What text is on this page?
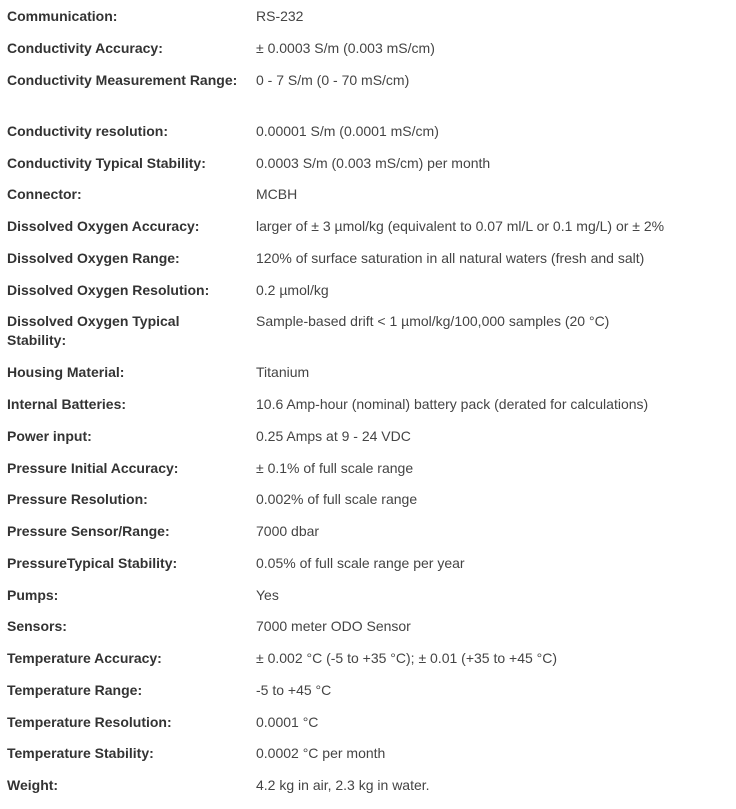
Communication:	RS-232
Conductivity Accuracy:	± 0.0003 S/m (0.003 mS/cm)
Conductivity Measurement Range:	0 - 7 S/m (0 - 70 mS/cm)
Conductivity resolution:	0.00001 S/m (0.0001 mS/cm)
Conductivity Typical Stability:	0.0003 S/m (0.003 mS/cm) per month
Connector:	MCBH
Dissolved Oxygen Accuracy:	larger of ± 3 µmol/kg (equivalent to 0.07 ml/L or 0.1 mg/L) or ± 2%
Dissolved Oxygen Range:	120% of surface saturation in all natural waters (fresh and salt)
Dissolved Oxygen Resolution:	0.2 µmol/kg
Dissolved Oxygen Typical Stability:
Sample-based drift < 1 µmol/kg/100,000 samples (20 °C)
Housing Material:	Titanium
Internal Batteries:	10.6 Amp-hour (nominal) battery pack (derated for calculations)
Power input:	0.25 Amps at 9 - 24 VDC
Pressure Initial Accuracy:	± 0.1% of full scale range
Pressure Resolution:	0.002% of full scale range
Pressure Sensor/Range:	7000 dbar
PressureTypical Stability:	0.05% of full scale range per year
Pumps:	Yes
Sensors:	7000 meter ODO Sensor
Temperature Accuracy:	± 0.002 °C (-5 to +35 °C); ± 0.01 (+35 to +45 °C)
Temperature Range:	-5 to +45 °C
Temperature Resolution:	0.0001 °C
Temperature Stability:	0.0002 °C per month
Weight:	4.2 kg in air, 2.3 kg in water.
